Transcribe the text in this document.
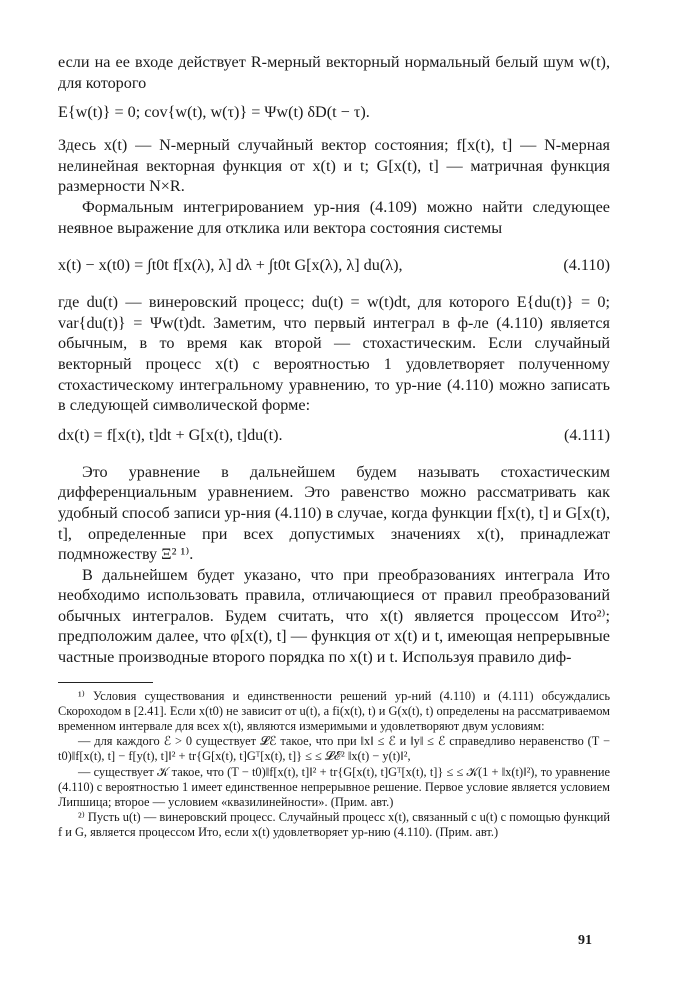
если на ее входе действует R-мерный векторный нормальный белый шум w(t), для которого

E{w(t)} = 0; cov{w(t), w(τ)} = Ψw(t) δD(t − τ).

Здесь x(t) — N-мерный случайный вектор состояния; f[x(t), t] — N-мерная нелинейная векторная функция от x(t) и t; G[x(t), t] — матричная функция размерности N×R.

Формальным интегрированием ур-ния (4.109) можно найти следующее неявное выражение для отклика или вектора состояния системы

x(t) − x(t0) = ∫t0t f[x(λ), λ] dλ + ∫t0t G[x(λ), λ] du(λ),	(4.110)

где du(t) — винеровский процесс; du(t) = w(t)dt, для которого E{du(t)} = 0; var{du(t)} = Ψw(t)dt. Заметим, что первый интеграл в ф-ле (4.110) является обычным, в то время как второй — стохастическим. Если случайный векторный процесс x(t) с вероятностью 1 удовлетворяет полученному стохастическому интегральному уравнению, то ур-ние (4.110) можно записать в следующей символической форме:

dx(t) = f[x(t), t]dt + G[x(t), t]du(t).	(4.111)

Это уравнение в дальнейшем будем называть стохастическим дифференциальным уравнением. Это равенство можно рассматривать как удобный способ записи ур-ния (4.110) в случае, когда функции f[x(t), t] и G[x(t), t], определенные при всех допустимых значениях x(t), принадлежат подмножеству Ξ² ¹⁾.

В дальнейшем будет указано, что при преобразованиях интеграла Ито необходимо использовать правила, отличающиеся от правил преобразований обычных интегралов. Будем считать, что x(t) является процессом Ито²⁾; предположим далее, что φ[x(t), t] — функция от x(t) и t, имеющая непрерывные частные производные второго порядка по x(t) и t. Используя правило диф-

¹⁾ Условия существования и единственности решений ур-ний (4.110) и (4.111) обсуждались Скороходом в [2.41]. Если x(t0) не зависит от u(t), а fi(x(t), t) и G(x(t), t) определены на рассматриваемом временном интервале для всех x(t), являются измеримыми и удовлетворяют двум условиям:

— для каждого ℰ > 0 существует 𝓛ℰ такое, что при ‖x‖ ≤ ℰ и ‖y‖ ≤ ℰ справедливо неравенство (T − t0)‖f[x(t), t] − f[y(t), t]‖² + tr{G[x(t), t]Gᵀ[x(t), t]} ≤ ≤ 𝓛ℰ² ‖x(t) − y(t)‖²,

— существует 𝒦 такое, что (T − t0)‖f[x(t), t]‖² + tr{G[x(t), t]Gᵀ[x(t), t]} ≤ ≤ 𝒦(1 + ‖x(t)‖²), то уравнение (4.110) с вероятностью 1 имеет единственное непрерывное решение. Первое условие является условием Липшица; второе — условием «квазилинейности». (Прим. авт.)

²⁾ Пусть u(t) — винеровский процесс. Случайный процесс x(t), связанный с u(t) с помощью функций f и G, является процессом Ито, если x(t) удовлетворяет ур-нию (4.110). (Прим. авт.)

91
